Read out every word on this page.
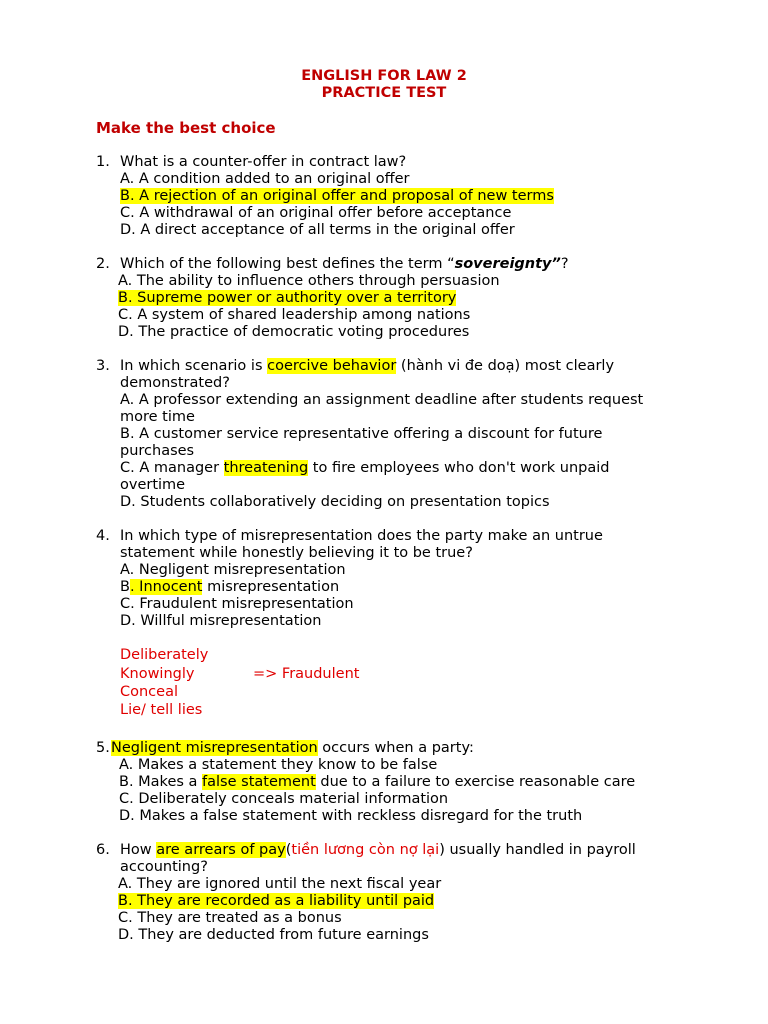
ENGLISH FOR LAW 2
PRACTICE TEST
Make the best choice
1. What is a counter-offer in contract law?
A. A condition added to an original offer
B. A rejection of an original offer and proposal of new terms
C. A withdrawal of an original offer before acceptance
D. A direct acceptance of all terms in the original offer
2. Which of the following best defines the term “sovereignty”?
A. The ability to influence others through persuasion
B. Supreme power or authority over a territory
C. A system of shared leadership among nations
D. The practice of democratic voting procedures
3. In which scenario is coercive behavior (hành vi đe doạ) most clearly
demonstrated?
A. A professor extending an assignment deadline after students request
more time
B. A customer service representative offering a discount for future
purchases
C. A manager threatening to fire employees who don't work unpaid
overtime
D. Students collaboratively deciding on presentation topics
4. In which type of misrepresentation does the party make an untrue
statement while honestly believing it to be true?
A. Negligent misrepresentation
B. Innocent misrepresentation
C. Fraudulent misrepresentation
D. Willful misrepresentation
Deliberately
Knowingly	=> Fraudulent
Conceal
Lie/ tell lies
5. Negligent misrepresentation occurs when a party:
A. Makes a statement they know to be false
B. Makes a false statement due to a failure to exercise reasonable care
C. Deliberately conceals material information
D. Makes a false statement with reckless disregard for the truth
6. How are arrears of pay(tiền lương còn nợ lại) usually handled in payroll
accounting?
A. They are ignored until the next fiscal year
B. They are recorded as a liability until paid
C. They are treated as a bonus
D. They are deducted from future earnings
